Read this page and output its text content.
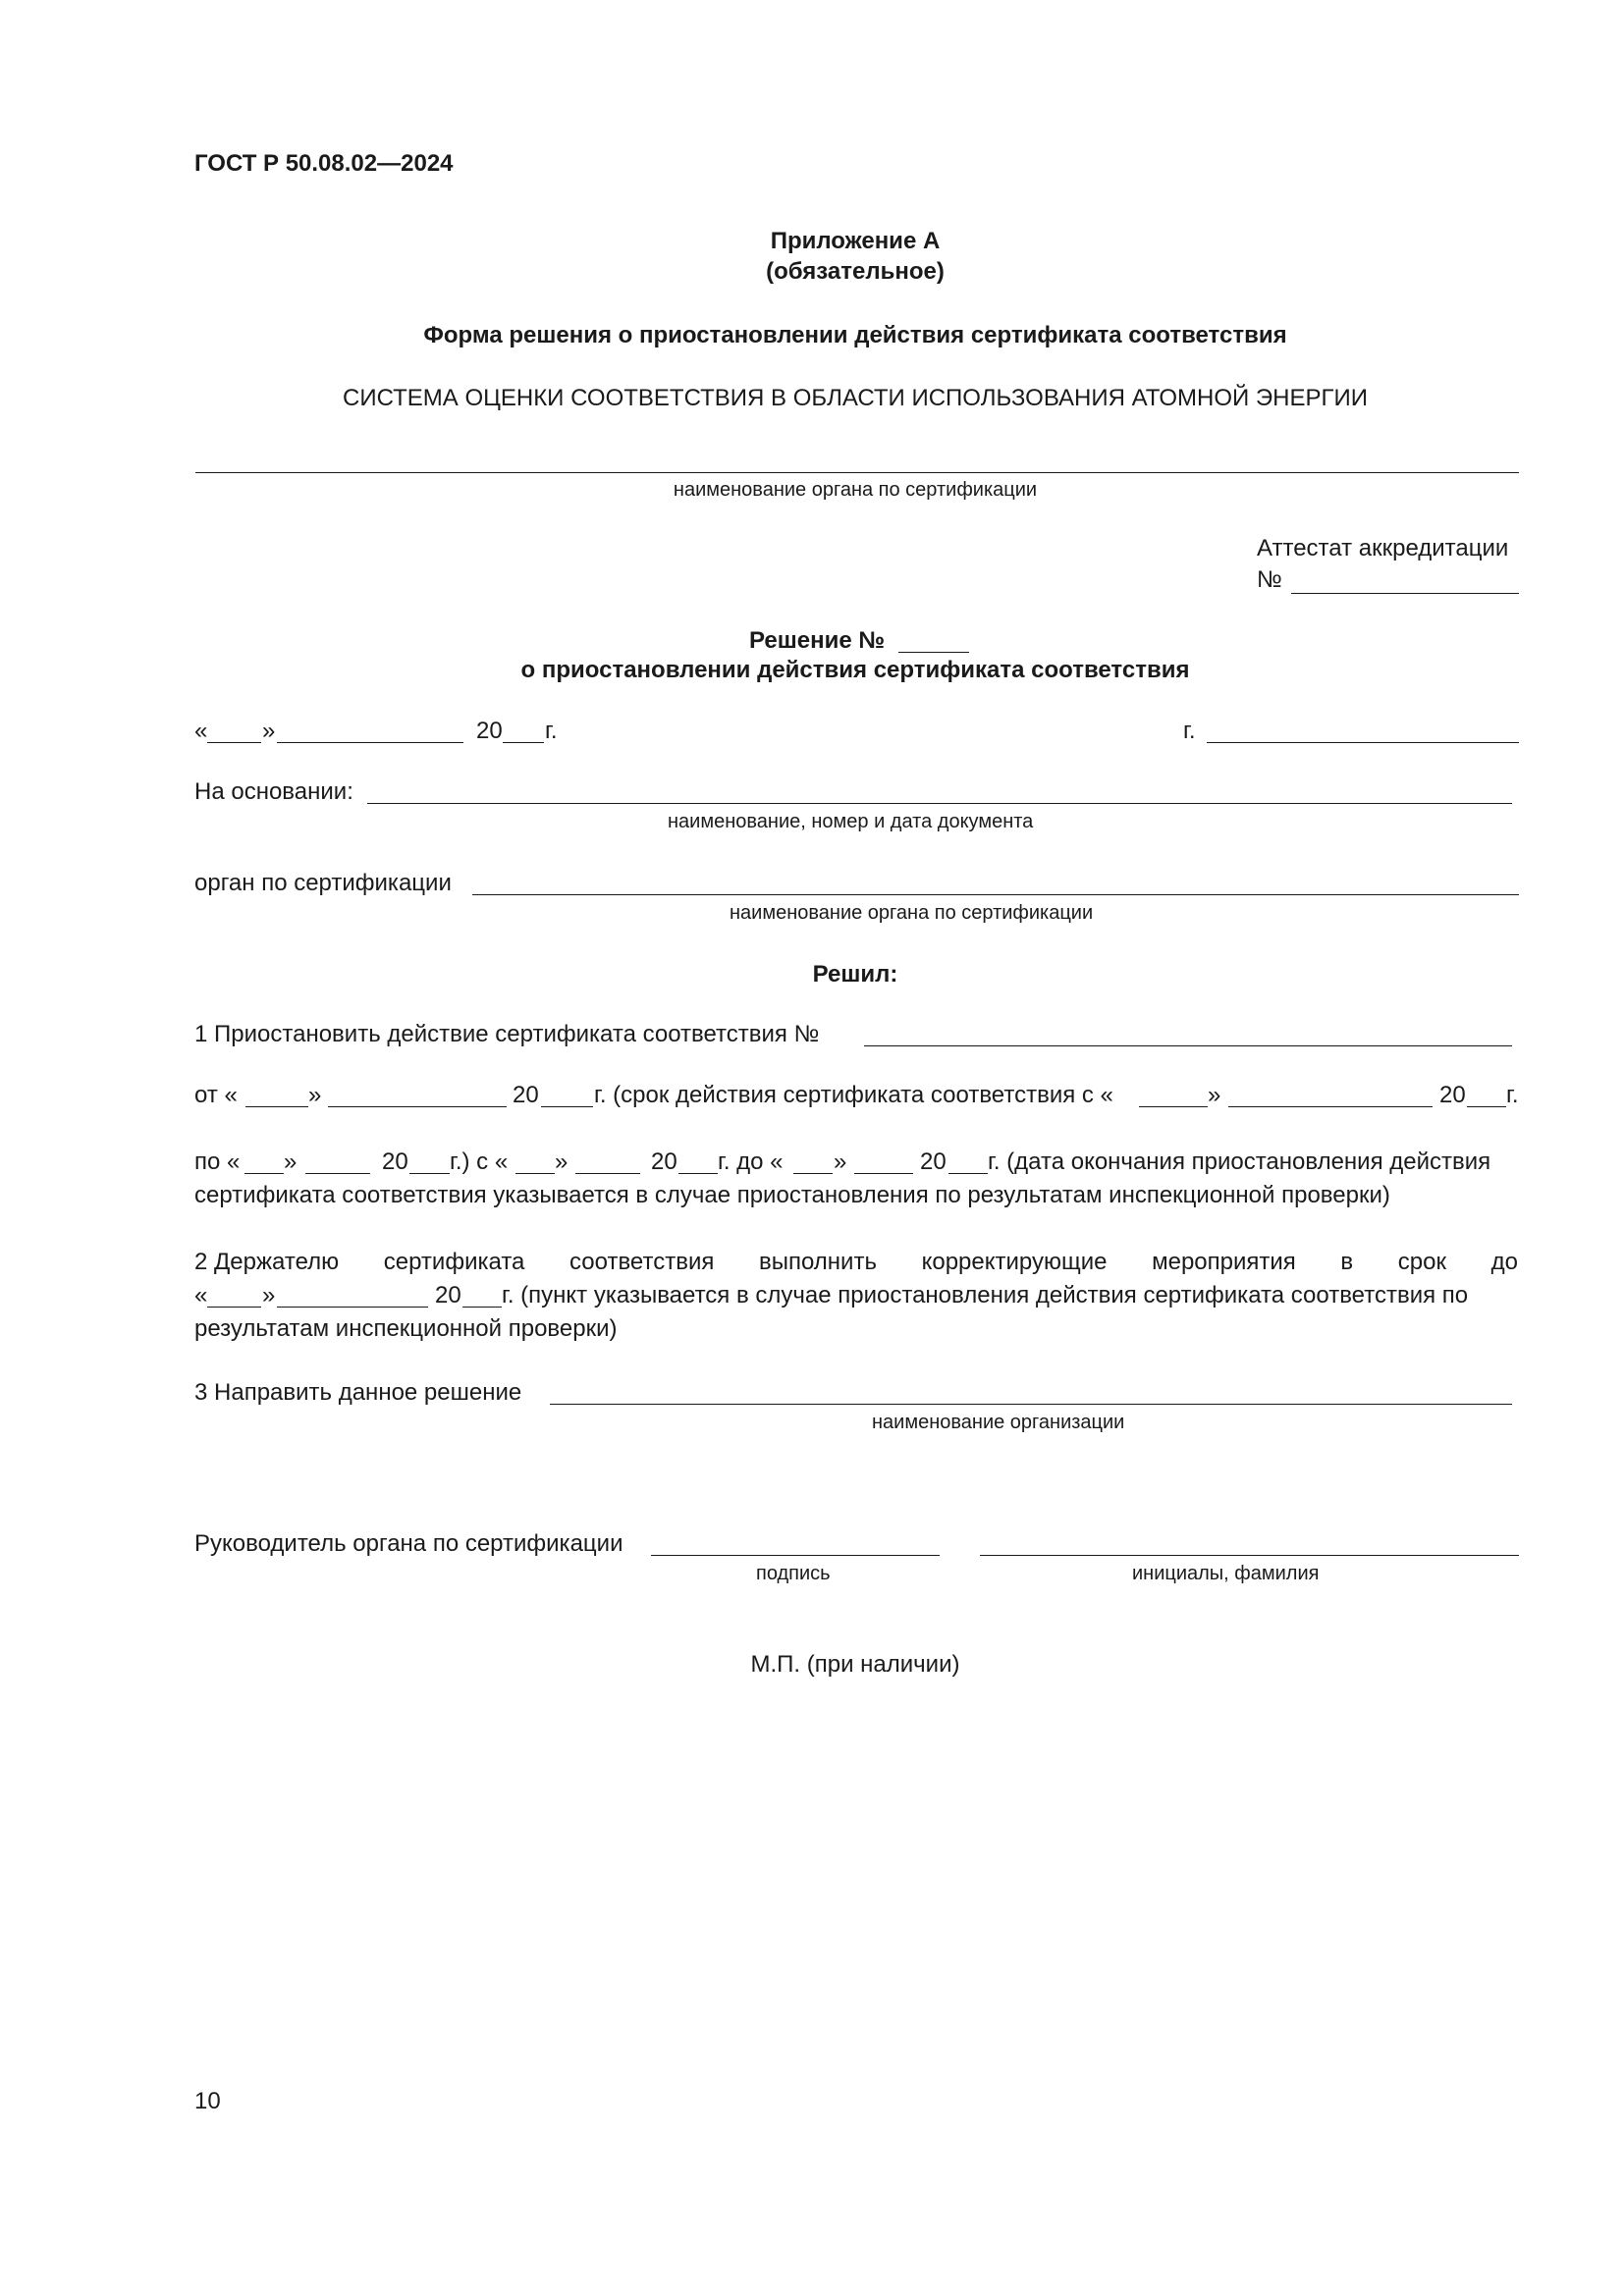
ГОСТ Р 50.08.02—2024
Приложение А
(обязательное)
Форма решения о приостановлении действия сертификата соответствия
СИСТЕМА ОЦЕНКИ СООТВЕТСТВИЯ В ОБЛАСТИ ИСПОЛЬЗОВАНИЯ АТОМНОЙ ЭНЕРГИИ
наименование органа по сертификации
Аттестат аккредитации
№
Решение №
о приостановлении действия сертификата соответствия
« »	20 г.	г.
На основании:
наименование, номер и дата документа
орган по сертификации
наименование органа по сертификации
Решил:
1 Приостановить действие сертификата соответствия №
от «	»	20 г. (срок действия сертификата соответствия с «	»	20 г.
по « »	20 г.) с « »	20 г. до « »	20 г. (дата окончания приостановления действия
сертификата соответствия указывается в случае приостановления по результатам инспекционной проверки)
2 Держателю сертификата соответствия выполнить корректирующие мероприятия в срок до
« »	20 г. (пункт указывается в случае приостановления действия сертификата соответствия по
результатам инспекционной проверки)
3 Направить данное решение
наименование организации
Руководитель органа по сертификации
подпись	инициалы, фамилия
М.П. (при наличии)
10
